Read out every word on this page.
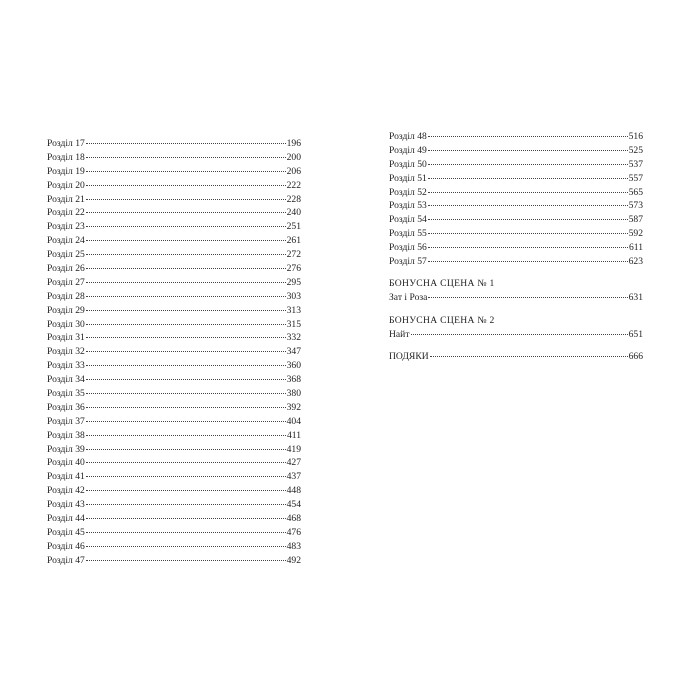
Розділ 17	196
Розділ 18	200
Розділ 19	206
Розділ 20	222
Розділ 21	228
Розділ 22	240
Розділ 23	251
Розділ 24	261
Розділ 25	272
Розділ 26	276
Розділ 27	295
Розділ 28	303
Розділ 29	313
Розділ 30	315
Розділ 31	332
Розділ 32	347
Розділ 33	360
Розділ 34	368
Розділ 35	380
Розділ 36	392
Розділ 37	404
Розділ 38	411
Розділ 39	419
Розділ 40	427
Розділ 41	437
Розділ 42	448
Розділ 43	454
Розділ 44	468
Розділ 45	476
Розділ 46	483
Розділ 47	492
Розділ 48	516
Розділ 49	525
Розділ 50	537
Розділ 51	557
Розділ 52	565
Розділ 53	573
Розділ 54	587
Розділ 55	592
Розділ 56	611
Розділ 57	623
БОНУСНА СЦЕНА № 1
Зат і Роза	631
БОНУСНА СЦЕНА № 2
Найт	651
ПОДЯКИ	666
